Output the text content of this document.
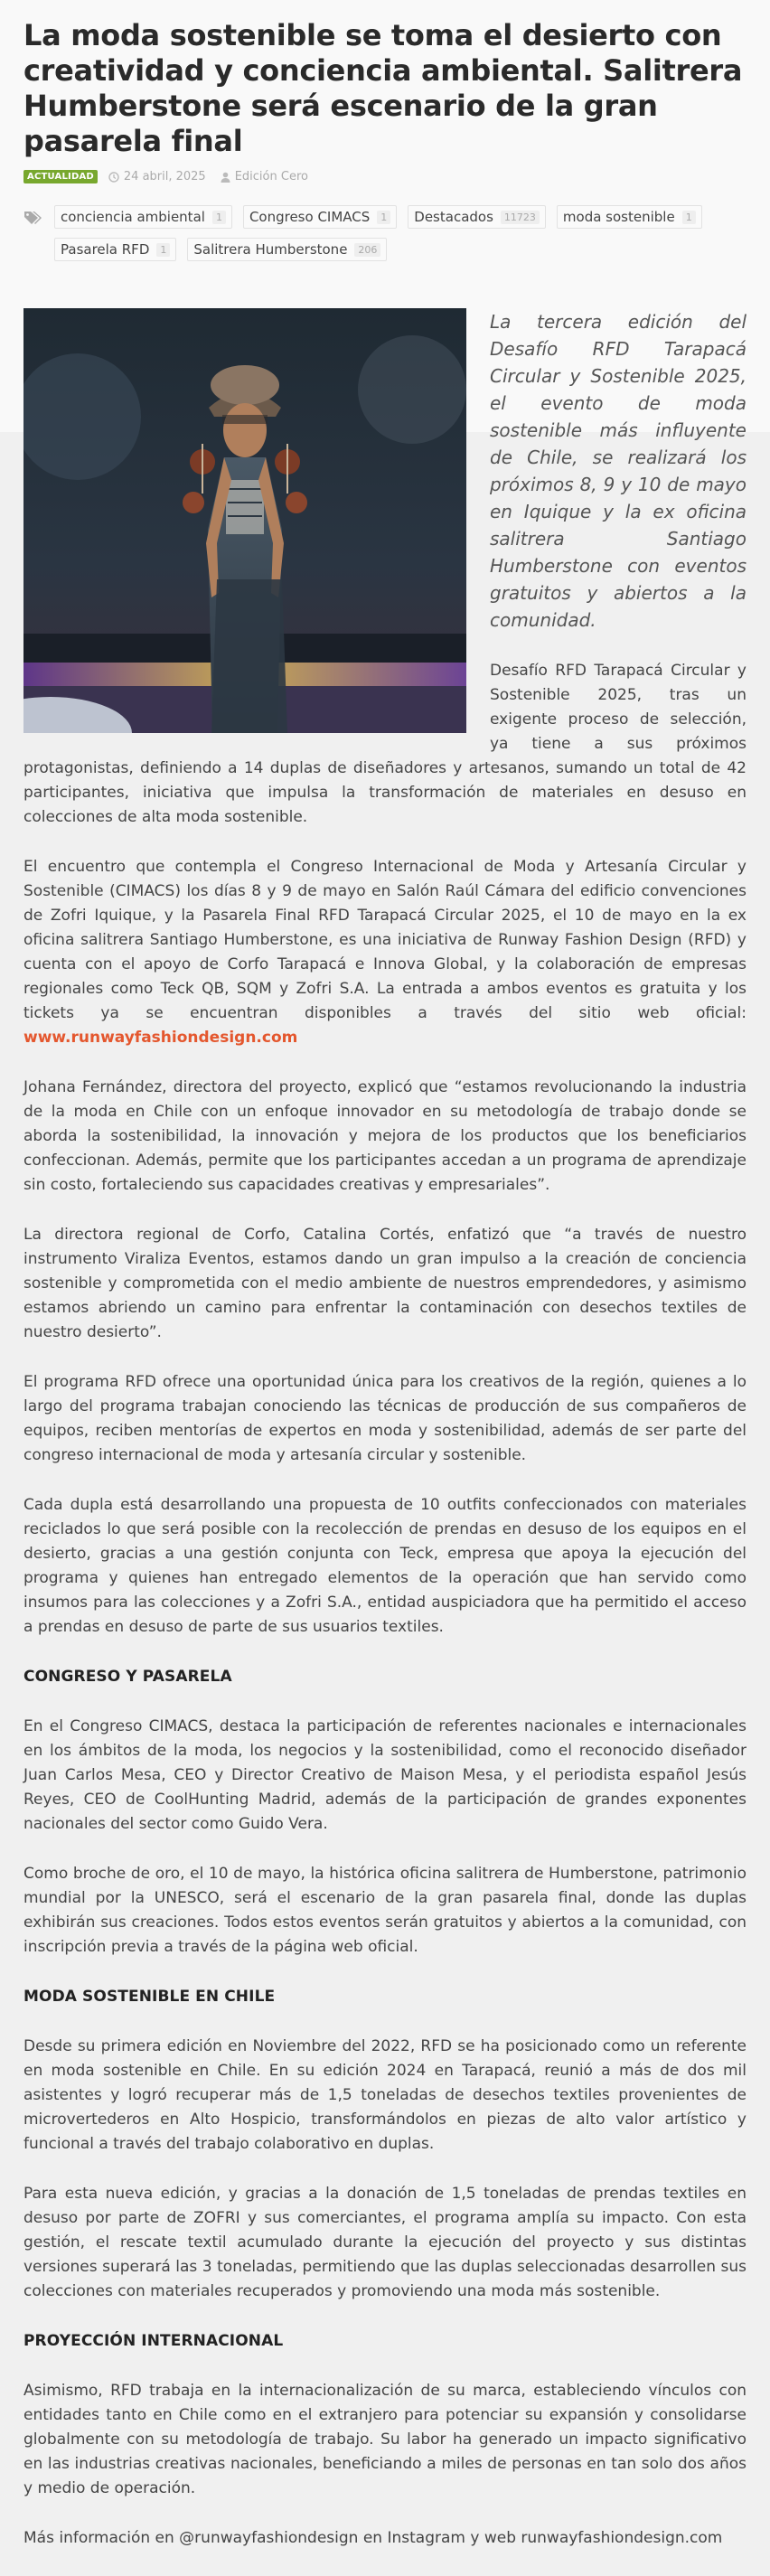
La moda sostenible se toma el desierto con creatividad y conciencia ambiental. Salitrera Humberstone será escenario de la gran pasarela final
ACTUALIDAD	24 abril, 2025 Edición Cero
conciencia ambiental	1 Congreso CIMACS	1 Destacados	11723 moda sostenible	1
Pasarela RFD	1 Salitrera Humberstone	206

La tercera edición del Desafío RFD Tarapacá Circular y Sostenible 2025, el evento de moda sostenible más influyente de Chile, se realizará los próximos 8, 9 y 10 de mayo en Iquique y la ex oficina salitrera Santiago Humberstone con eventos gratuitos y abiertos a la comunidad.

Desafío RFD Tarapacá Circular y Sostenible 2025, tras un exigente proceso de selección, ya tiene a sus próximos protagonistas, definiendo a 14 duplas de diseñadores y artesanos, sumando un total de 42 participantes, iniciativa que impulsa la transformación de materiales en desuso en colecciones de alta moda sostenible.

El encuentro que contempla el Congreso Internacional de Moda y Artesanía Circular y Sostenible (CIMACS) los días 8 y 9 de mayo en Salón Raúl Cámara del edificio convenciones de Zofri Iquique, y la Pasarela Final RFD Tarapacá Circular 2025, el 10 de mayo en la ex oficina salitrera Santiago Humberstone, es una iniciativa de Runway Fashion Design (RFD) y cuenta con el apoyo de Corfo Tarapacá e Innova Global, y la colaboración de empresas regionales como Teck QB, SQM y Zofri S.A. La entrada a ambos eventos es gratuita y los tickets ya se encuentran disponibles a través del sitio web oficial: www.runwayfashiondesign.com

Johana Fernández, directora del proyecto, explicó que “estamos revolucionando la industria de la moda en Chile con un enfoque innovador en su metodología de trabajo donde se aborda la sostenibilidad, la innovación y mejora de los productos que los beneficiarios confeccionan. Además, permite que los participantes accedan a un programa de aprendizaje sin costo, fortaleciendo sus capacidades creativas y empresariales”.

La directora regional de Corfo, Catalina Cortés, enfatizó que “a través de nuestro instrumento Viraliza Eventos, estamos dando un gran impulso a la creación de conciencia sostenible y comprometida con el medio ambiente de nuestros emprendedores, y asimismo estamos abriendo un camino para enfrentar la contaminación con desechos textiles de nuestro desierto”.

El programa RFD ofrece una oportunidad única para los creativos de la región, quienes a lo largo del programa trabajan conociendo las técnicas de producción de sus compañeros de equipos, reciben mentorías de expertos en moda y sostenibilidad, además de ser parte del congreso internacional de moda y artesanía circular y sostenible.

Cada dupla está desarrollando una propuesta de 10 outfits confeccionados con materiales reciclados lo que será posible con la recolección de prendas en desuso de los equipos en el desierto, gracias a una gestión conjunta con Teck, empresa que apoya la ejecución del programa y quienes han entregado elementos de la operación que han servido como insumos para las colecciones y a Zofri S.A., entidad auspiciadora que ha permitido el acceso a prendas en desuso de parte de sus usuarios textiles.

CONGRESO Y PASARELA

En el Congreso CIMACS, destaca la participación de referentes nacionales e internacionales en los ámbitos de la moda, los negocios y la sostenibilidad, como el reconocido diseñador Juan Carlos Mesa, CEO y Director Creativo de Maison Mesa, y el periodista español Jesús Reyes, CEO de CoolHunting Madrid, además de la participación de grandes exponentes nacionales del sector como Guido Vera.

Como broche de oro, el 10 de mayo, la histórica oficina salitrera de Humberstone, patrimonio mundial por la UNESCO, será el escenario de la gran pasarela final, donde las duplas exhibirán sus creaciones. Todos estos eventos serán gratuitos y abiertos a la comunidad, con inscripción previa a través de la página web oficial.

MODA SOSTENIBLE EN CHILE

Desde su primera edición en Noviembre del 2022, RFD se ha posicionado como un referente en moda sostenible en Chile. En su edición 2024 en Tarapacá, reunió a más de dos mil asistentes y logró recuperar más de 1,5 toneladas de desechos textiles provenientes de microvertederos en Alto Hospicio, transformándolos en piezas de alto valor artístico y funcional a través del trabajo colaborativo en duplas.

Para esta nueva edición, y gracias a la donación de 1,5 toneladas de prendas textiles en desuso por parte de ZOFRI y sus comerciantes, el programa amplía su impacto. Con esta gestión, el rescate textil acumulado durante la ejecución del proyecto y sus distintas versiones superará las 3 toneladas, permitiendo que las duplas seleccionadas desarrollen sus colecciones con materiales recuperados y promoviendo una moda más sostenible.

PROYECCIÓN INTERNACIONAL

Asimismo, RFD trabaja en la internacionalización de su marca, estableciendo vínculos con entidades tanto en Chile como en el extranjero para potenciar su expansión y consolidarse globalmente con su metodología de trabajo. Su labor ha generado un impacto significativo en las industrias creativas nacionales, beneficiando a miles de personas en tan solo dos años y medio de operación.

Más información en @runwayfashiondesign en Instagram y web runwayfashiondesign.com
